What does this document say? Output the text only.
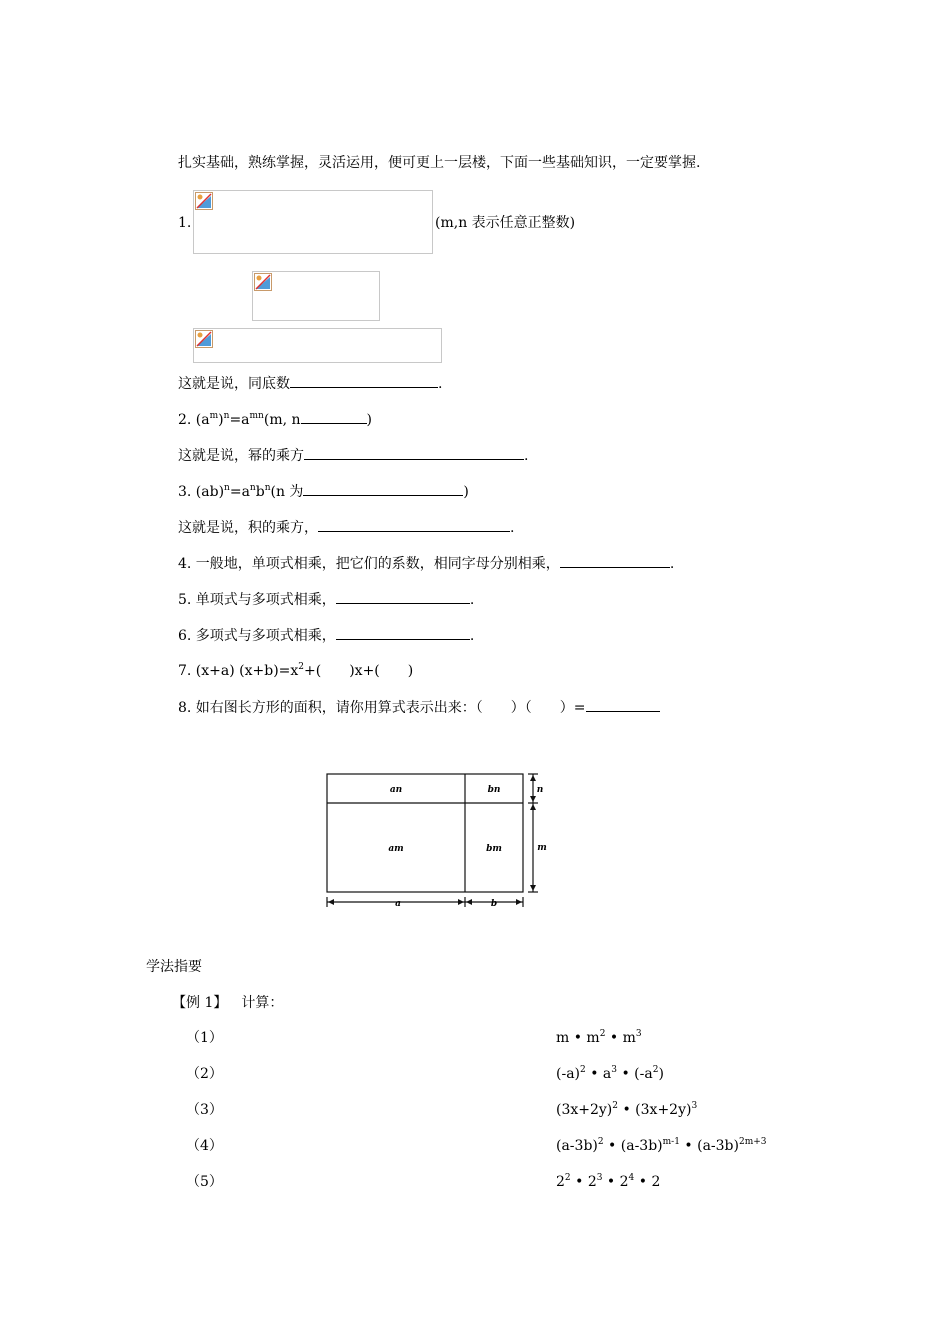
扎实基础，熟练掌握，灵活运用，便可更上一层楼，下面一些基础知识，一定要掌握.
1.	(m,n 表示任意正整数)
这就是说，同底数	.
2. $(a^m)^n=a^{mn}(m$, n	)
这就是说，幂的乘方	.
3. $(ab)^n=a^nb^n(n$ 为	)
这就是说，积的乘方，	.
4. 一般地，单项式相乘，把它们的系数，相同字母分别相乘，	.
5. 单项式与多项式相乘，	.
6. 多项式与多项式相乘，	.
7. (x+a) $(x+b)=x^2+$(　　)x+(　　)
8. 如右图长方形的面积，请你用算式表示出来：（　　）（　　）=
an	bn
am	bm
n
m
a	b
学法指要
【例 1】  计算：
（1）	m • $m^2$ • $m^3$
（2）	$(-a)^2$ • $a^3$ • $(-a^2)$
（3）	$(3x+2y)^2$ • $(3x+2y)^3$
（4）	$(a-3b)^2$ • $(a-3b)^{m-1}$ • $(a-3b)^{2m+3}$
（5）	$2^2$ • $2^3$ • $2^4$ • 2
